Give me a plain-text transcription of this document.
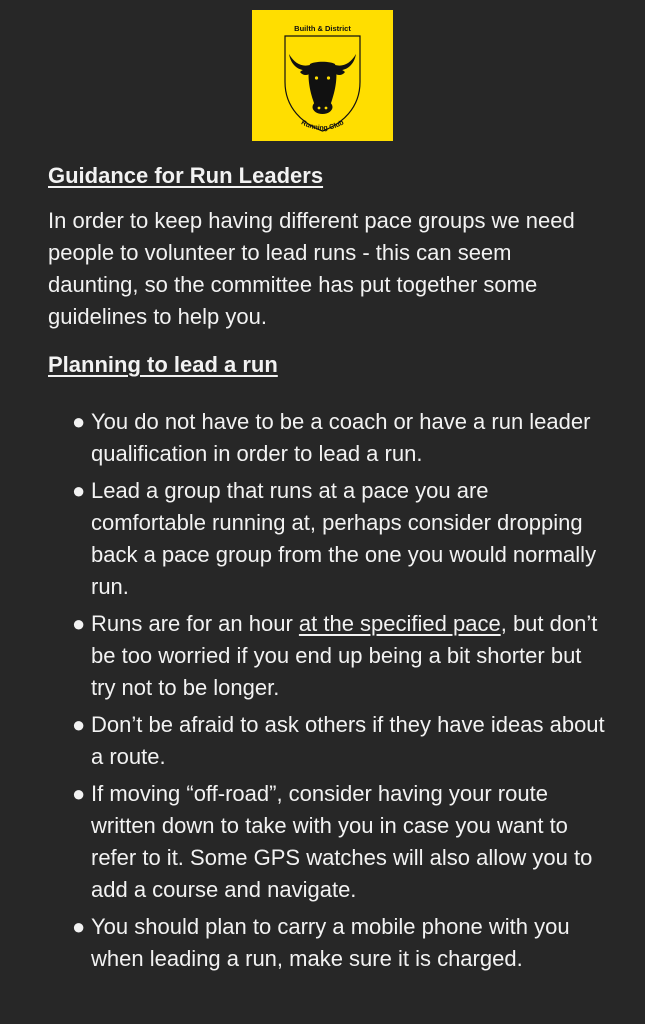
Builth & District
Running Club
Guidance for Run Leaders

In order to keep having different pace groups we need people to volunteer to lead runs - this can seem daunting, so the committee has put together some guidelines to help you.

Planning to lead a run
● You do not have to be a coach or have a run leader qualification in order to lead a run.
● Lead a group that runs at a pace you are comfortable running at, perhaps consider dropping back a pace group from the one you would normally run.
● Runs are for an hour at the specified pace, but don’t be too worried if you end up being a bit shorter but try not to be longer.
● Don’t be afraid to ask others if they have ideas about a route.
● If moving “off-road”, consider having your route written down to take with you in case you want to refer to it. Some GPS watches will also allow you to add a course and navigate.
● You should plan to carry a mobile phone with you when leading a run, make sure it is charged.
